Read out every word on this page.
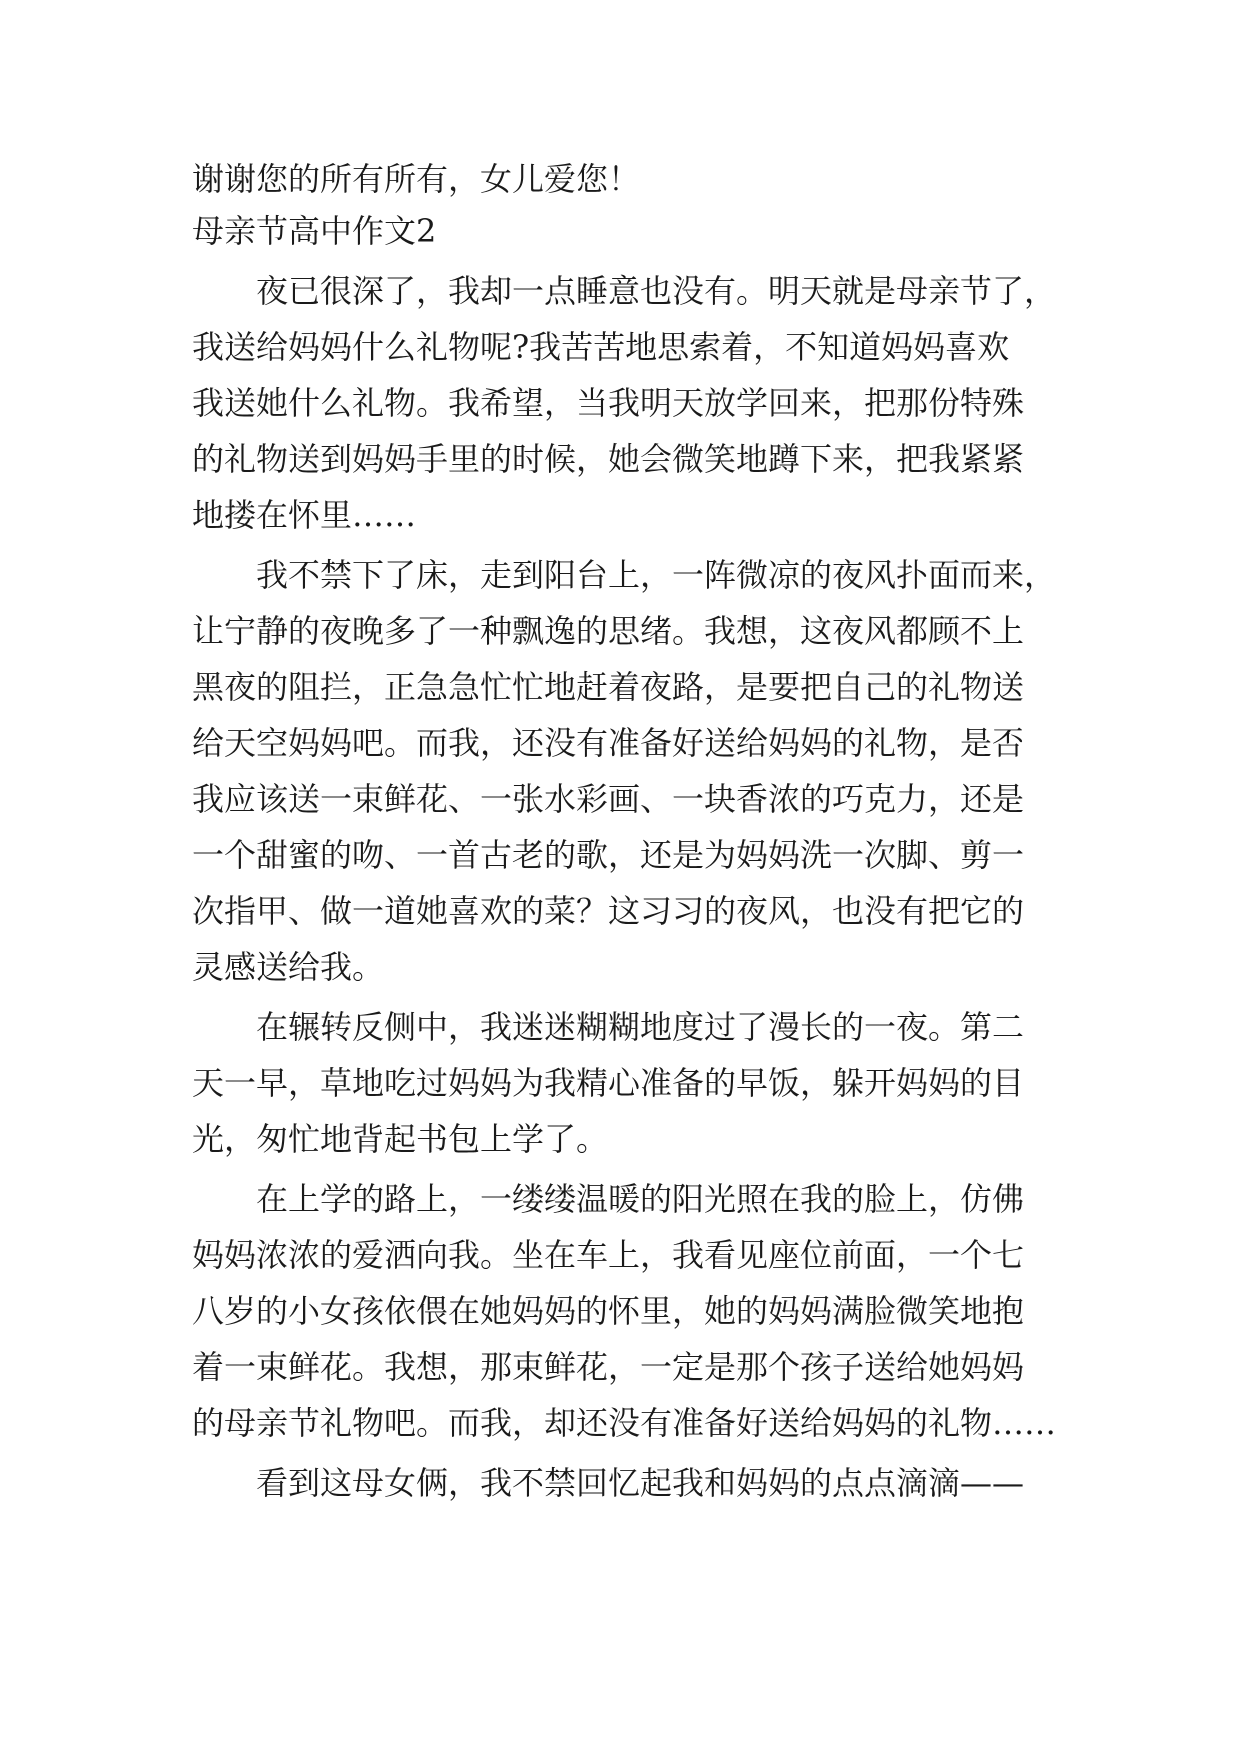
谢谢您的所有所有，女儿爱您！
母亲节高中作文2
夜已很深了，我却一点睡意也没有。明天就是母亲节了，
我送给妈妈什么礼物呢?我苦苦地思索着，不知道妈妈喜欢
我送她什么礼物。我希望，当我明天放学回来，把那份特殊
的礼物送到妈妈手里的时候，她会微笑地蹲下来，把我紧紧
地搂在怀里……
我不禁下了床，走到阳台上，一阵微凉的夜风扑面而来，
让宁静的夜晚多了一种飘逸的思绪。我想，这夜风都顾不上
黑夜的阻拦，正急急忙忙地赶着夜路，是要把自己的礼物送
给天空妈妈吧。而我，还没有准备好送给妈妈的礼物，是否
我应该送一束鲜花、一张水彩画、一块香浓的巧克力，还是
一个甜蜜的吻、一首古老的歌，还是为妈妈洗一次脚、剪一
次指甲、做一道她喜欢的菜？这习习的夜风，也没有把它的
灵感送给我。
在辗转反侧中，我迷迷糊糊地度过了漫长的一夜。第二
天一早，草地吃过妈妈为我精心准备的早饭，躲开妈妈的目
光，匆忙地背起书包上学了。
在上学的路上，一缕缕温暖的阳光照在我的脸上，仿佛
妈妈浓浓的爱洒向我。坐在车上，我看见座位前面，一个七
八岁的小女孩依偎在她妈妈的怀里，她的妈妈满脸微笑地抱
着一束鲜花。我想，那束鲜花，一定是那个孩子送给她妈妈
的母亲节礼物吧。而我，却还没有准备好送给妈妈的礼物……
看到这母女俩，我不禁回忆起我和妈妈的点点滴滴——
